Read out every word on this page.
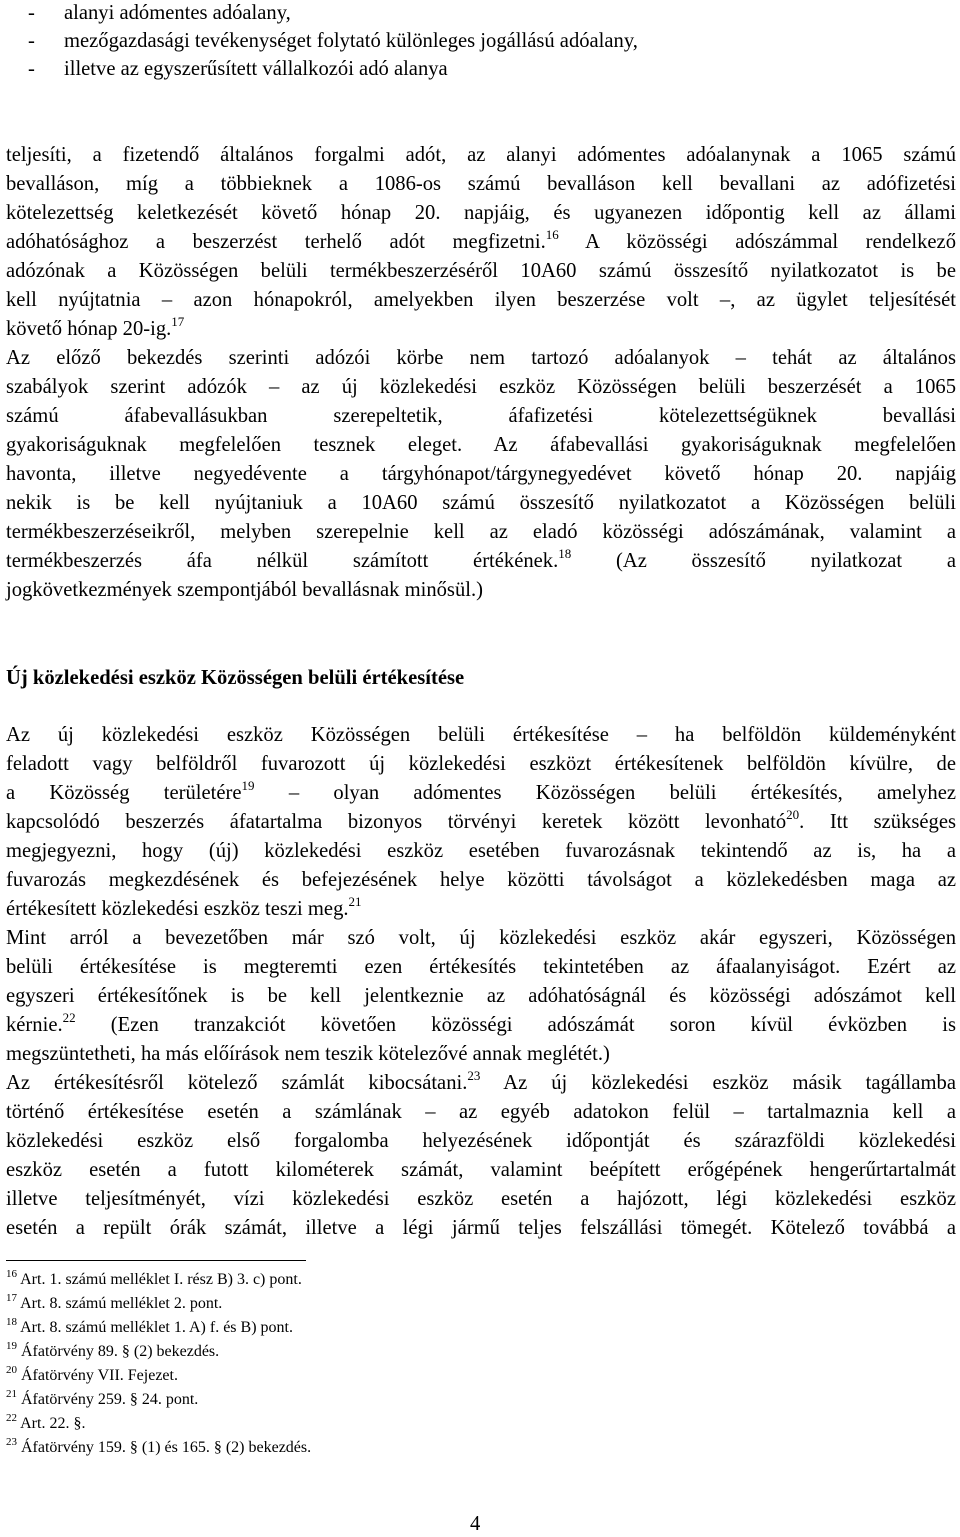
- alanyi adómentes adóalany,
- mezőgazdasági tevékenységet folytató különleges jogállású adóalany,
- illetve az egyszerűsített vállalkozói adó alanya
teljesíti, a fizetendő általános forgalmi adót, az alanyi adómentes adóalanynak a 1065 számú
bevalláson, míg a többieknek a 1086-os számú bevalláson kell bevallani az adófizetési
kötelezettség keletkezését követő hónap 20. napjáig, és ugyanezen időpontig kell az állami
adóhatósághoz a beszerzést terhelő adót megfizetni.$^{16}$ A közösségi adószámmal rendelkező
adózónak a Közösségen belüli termékbeszerzéséről 10A60 számú összesítő nyilatkozatot is be
kell nyújtatnia – azon hónapokról, amelyekben ilyen beszerzése volt –, az ügylet teljesítését
követő hónap 20-ig.$^{17}$
Az előző bekezdés szerinti adózói körbe nem tartozó adóalanyok – tehát az általános
szabályok szerint adózók – az új közlekedési eszköz Közösségen belüli beszerzését a 1065
számú áfabevallásukban szerepeltetik, áfafizetési kötelezettségüknek bevallási
gyakoriságuknak megfelelően tesznek eleget. Az áfabevallási gyakoriságuknak megfelelően
havonta, illetve negyedévente a tárgyhónapot/tárgynegyedévet követő hónap 20. napjáig
nekik is be kell nyújtaniuk a 10A60 számú összesítő nyilatkozatot a Közösségen belüli
termékbeszerzéseikről, melyben szerepelnie kell az eladó közösségi adószámának, valamint a
termékbeszerzés áfa nélkül számított értékének.$^{18}$ (Az összesítő nyilatkozat a
jogkövetkezmények szempontjából bevallásnak minősül.)
Új közlekedési eszköz Közösségen belüli értékesítése
Az új közlekedési eszköz Közösségen belüli értékesítése – ha belföldön küldeményként
feladott vagy belföldről fuvarozott új közlekedési eszközt értékesítenek belföldön kívülre, de
a Közösség területére$^{19}$ – olyan adómentes Közösségen belüli értékesítés, amelyhez
kapcsolódó beszerzés áfatartalma bizonyos törvényi keretek között levonható$^{20}$. Itt szükséges
megjegyezni, hogy (új) közlekedési eszköz esetében fuvarozásnak tekintendő az is, ha a
fuvarozás megkezdésének és befejezésének helye közötti távolságot a közlekedésben maga az
értékesített közlekedési eszköz teszi meg.$^{21}$
Mint arról a bevezetőben már szó volt, új közlekedési eszköz akár egyszeri, Közösségen
belüli értékesítése is megteremti ezen értékesítés tekintetében az áfaalanyiságot. Ezért az
egyszeri értékesítőnek is be kell jelentkeznie az adóhatóságnál és közösségi adószámot kell
kérnie.$^{22}$ (Ezen tranzakciót követően közösségi adószámát soron kívül évközben is
megszüntetheti, ha más előírások nem teszik kötelezővé annak meglétét.)
Az értékesítésről kötelező számlát kibocsátani.$^{23}$ Az új közlekedési eszköz másik tagállamba
történő értékesítése esetén a számlának – az egyéb adatokon felül – tartalmaznia kell a
közlekedési eszköz első forgalomba helyezésének időpontját és szárazföldi közlekedési
eszköz esetén a futott kilométerek számát, valamint beépített erőgépének hengerűrtartalmát
illetve teljesítményét, vízi közlekedési eszköz esetén a hajózott, légi közlekedési eszköz
esetén a repült órák számát, illetve a légi jármű teljes felszállási tömegét. Kötelező továbbá a
$^{16}$ Art. 1. számú melléklet I. rész B) 3. c) pont.
$^{17}$ Art. 8. számú melléklet 2. pont.
$^{18}$ Art. 8. számú melléklet 1. A) f. és B) pont.
$^{19}$ Áfatörvény 89. § (2) bekezdés.
$^{20}$ Áfatörvény VII. Fejezet.
$^{21}$ Áfatörvény 259. § 24. pont.
$^{22}$ Art. 22. §.
$^{23}$ Áfatörvény 159. § (1) és 165. § (2) bekezdés.
4
